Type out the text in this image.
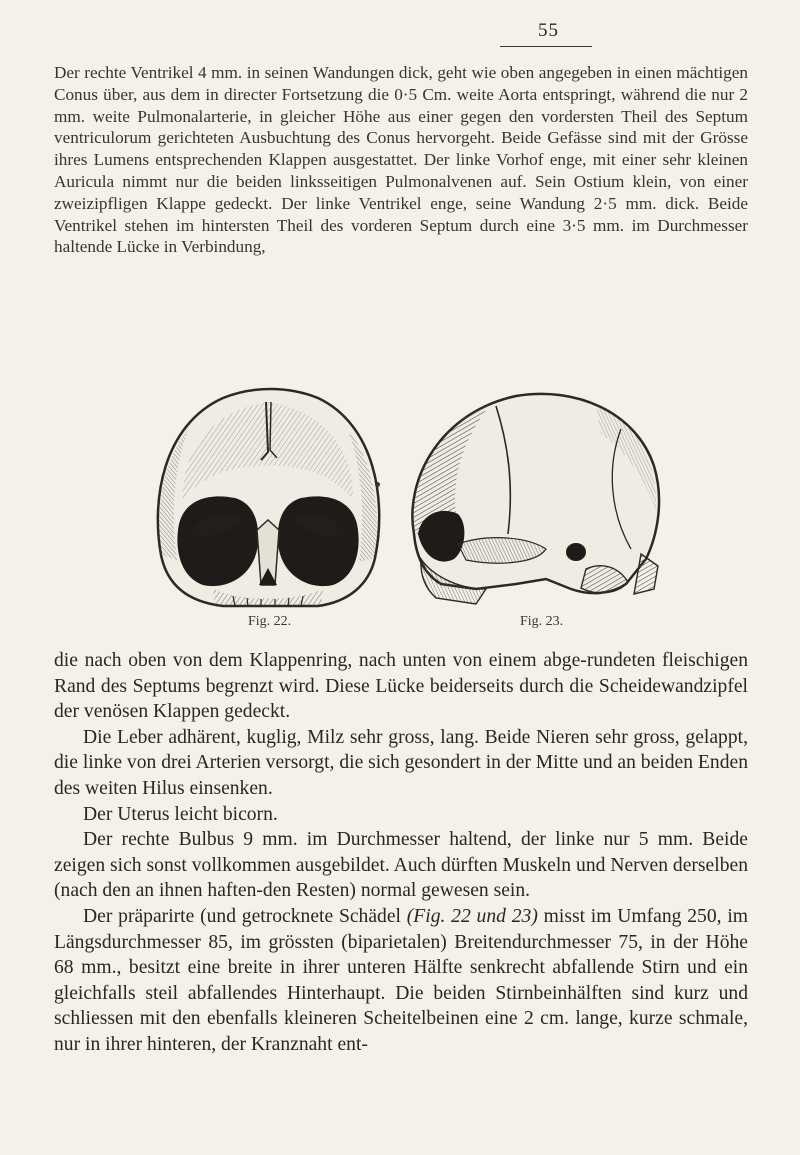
55

Der rechte Ventrikel 4 mm. in seinen Wandungen dick, geht wie oben angegeben in einen mächtigen Conus über, aus dem in directer Fortsetzung die 0·5 Cm. weite Aorta entspringt, während die nur 2 mm. weite Pulmonalarterie, in gleicher Höhe aus einer gegen den vordersten Theil des Septum ventriculorum gerichteten Ausbuchtung des Conus hervorgeht. Beide Gefässe sind mit der Grösse ihres Lumens entsprechenden Klappen ausgestattet. Der linke Vorhof enge, mit einer sehr kleinen Auricula nimmt nur die beiden linksseitigen Pulmonalvenen auf. Sein Ostium klein, von einer zweizipfligen Klappe gedeckt. Der linke Ventrikel enge, seine Wandung 2·5 mm. dick. Beide Ventrikel stehen im hintersten Theil des vorderen Septum durch eine 3·5 mm. im Durchmesser haltende Lücke in Verbindung,

Fig. 22.	Fig. 23.

die nach oben von dem Klappenring, nach unten von einem abge-rundeten fleischigen Rand des Septums begrenzt wird. Diese Lücke beiderseits durch die Scheidewandzipfel der venösen Klappen gedeckt.

Die Leber adhärent, kuglig, Milz sehr gross, lang. Beide Nieren sehr gross, gelappt, die linke von drei Arterien versorgt, die sich gesondert in der Mitte und an beiden Enden des weiten Hilus einsenken.

Der Uterus leicht bicorn.

Der rechte Bulbus 9 mm. im Durchmesser haltend, der linke nur 5 mm. Beide zeigen sich sonst vollkommen ausgebildet. Auch dürften Muskeln und Nerven derselben (nach den an ihnen haften-den Resten) normal gewesen sein.

Der präparirte (und getrocknete Schädel (Fig. 22 und 23) misst im Umfang 250, im Längsdurchmesser 85, im grössten (biparietalen) Breitendurchmesser 75, in der Höhe 68 mm., besitzt eine breite in ihrer unteren Hälfte senkrecht abfallende Stirn und ein gleichfalls steil abfallendes Hinterhaupt. Die beiden Stirnbeinhälften sind kurz und schliessen mit den ebenfalls kleineren Scheitelbeinen eine 2 cm. lange, kurze schmale, nur in ihrer hinteren, der Kranznaht ent-
